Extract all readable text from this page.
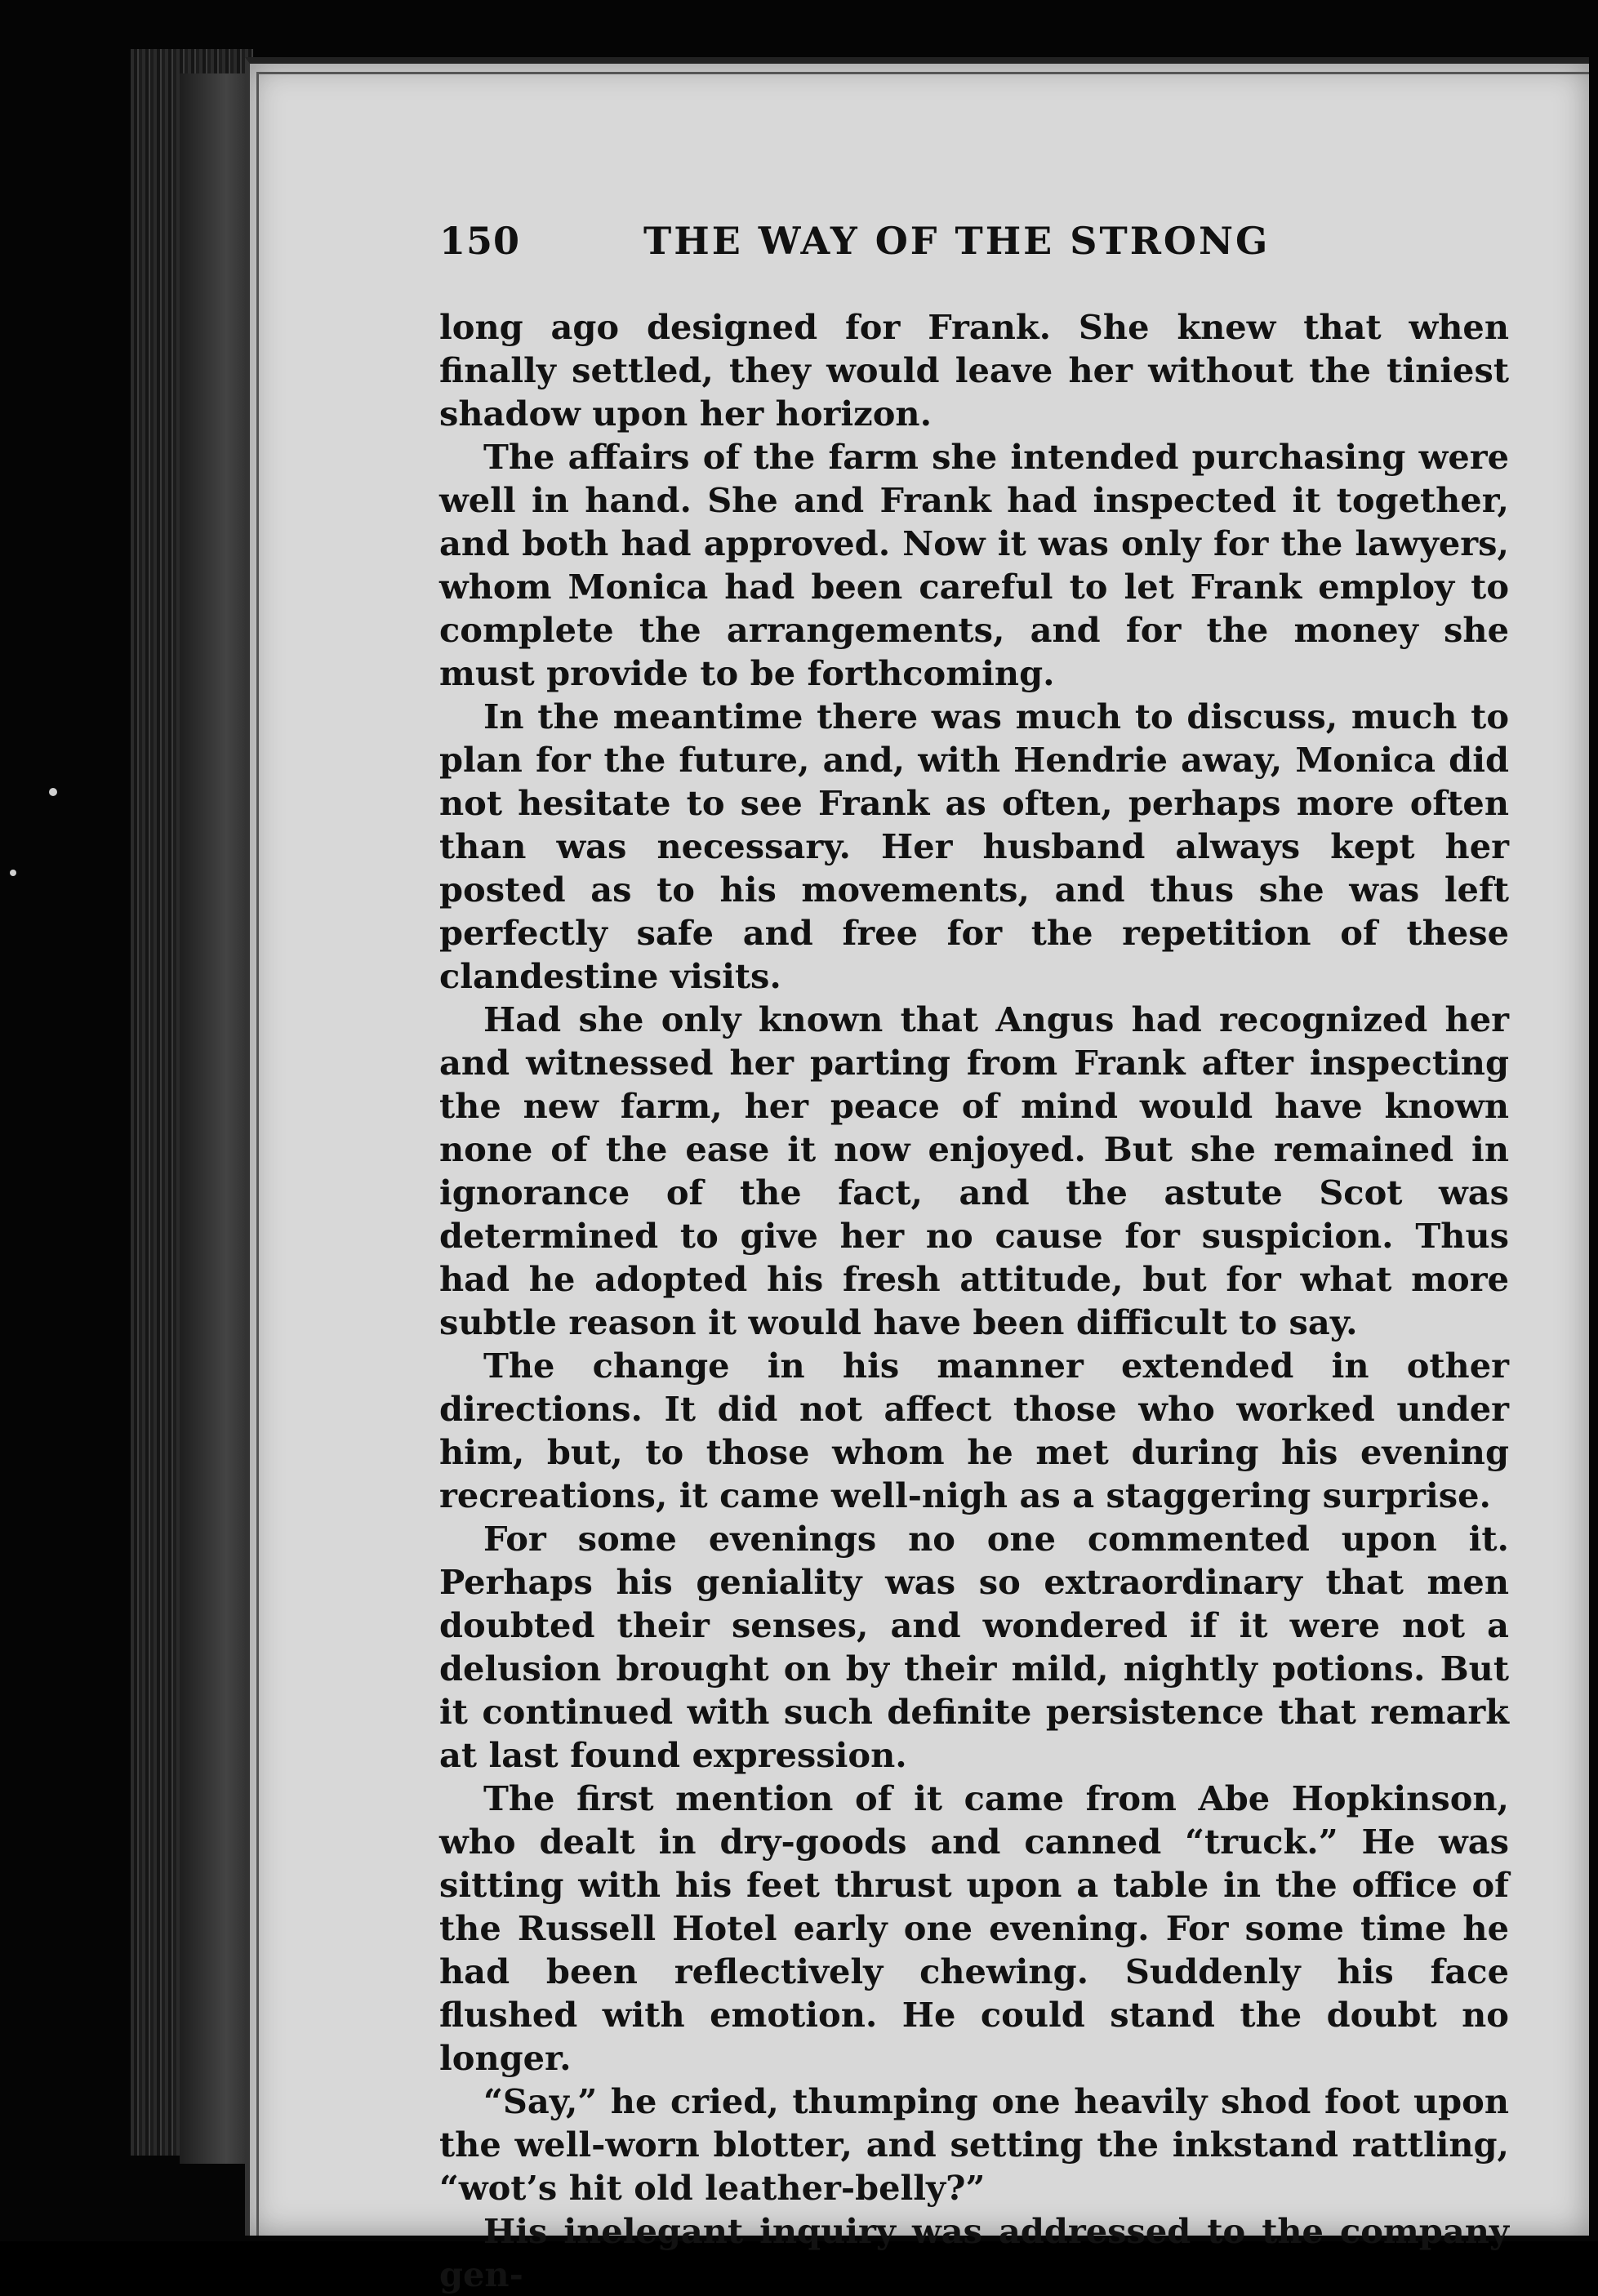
150	THE WAY OF THE STRONG

long ago designed for Frank. She knew that when finally settled, they would leave her without the tiniest shadow upon her horizon.

The affairs of the farm she intended purchasing were well in hand. She and Frank had inspected it together, and both had approved. Now it was only for the lawyers, whom Monica had been careful to let Frank employ to complete the arrangements, and for the money she must provide to be forthcoming.

In the meantime there was much to discuss, much to plan for the future, and, with Hendrie away, Monica did not hesitate to see Frank as often, perhaps more often than was necessary. Her husband always kept her posted as to his movements, and thus she was left perfectly safe and free for the repetition of these clandestine visits.

Had she only known that Angus had recognized her and witnessed her parting from Frank after inspecting the new farm, her peace of mind would have known none of the ease it now enjoyed. But she remained in ignorance of the fact, and the astute Scot was determined to give her no cause for suspicion. Thus had he adopted his fresh attitude, but for what more subtle reason it would have been difficult to say.

The change in his manner extended in other directions. It did not affect those who worked under him, but, to those whom he met during his evening recreations, it came well-nigh as a staggering surprise.

For some evenings no one commented upon it. Perhaps his geniality was so extraordinary that men doubted their senses, and wondered if it were not a delusion brought on by their mild, nightly potions. But it continued with such definite persistence that remark at last found expression.

The first mention of it came from Abe Hopkinson, who dealt in dry-goods and canned “truck.” He was sitting with his feet thrust upon a table in the office of the Russell Hotel early one evening. For some time he had been reflectively chewing. Suddenly his face flushed with emotion. He could stand the doubt no longer.

“Say,” he cried, thumping one heavily shod foot upon the well-worn blotter, and setting the inkstand rattling, “wot’s hit old leather-belly?”

His inelegant inquiry was addressed to the company gen-
